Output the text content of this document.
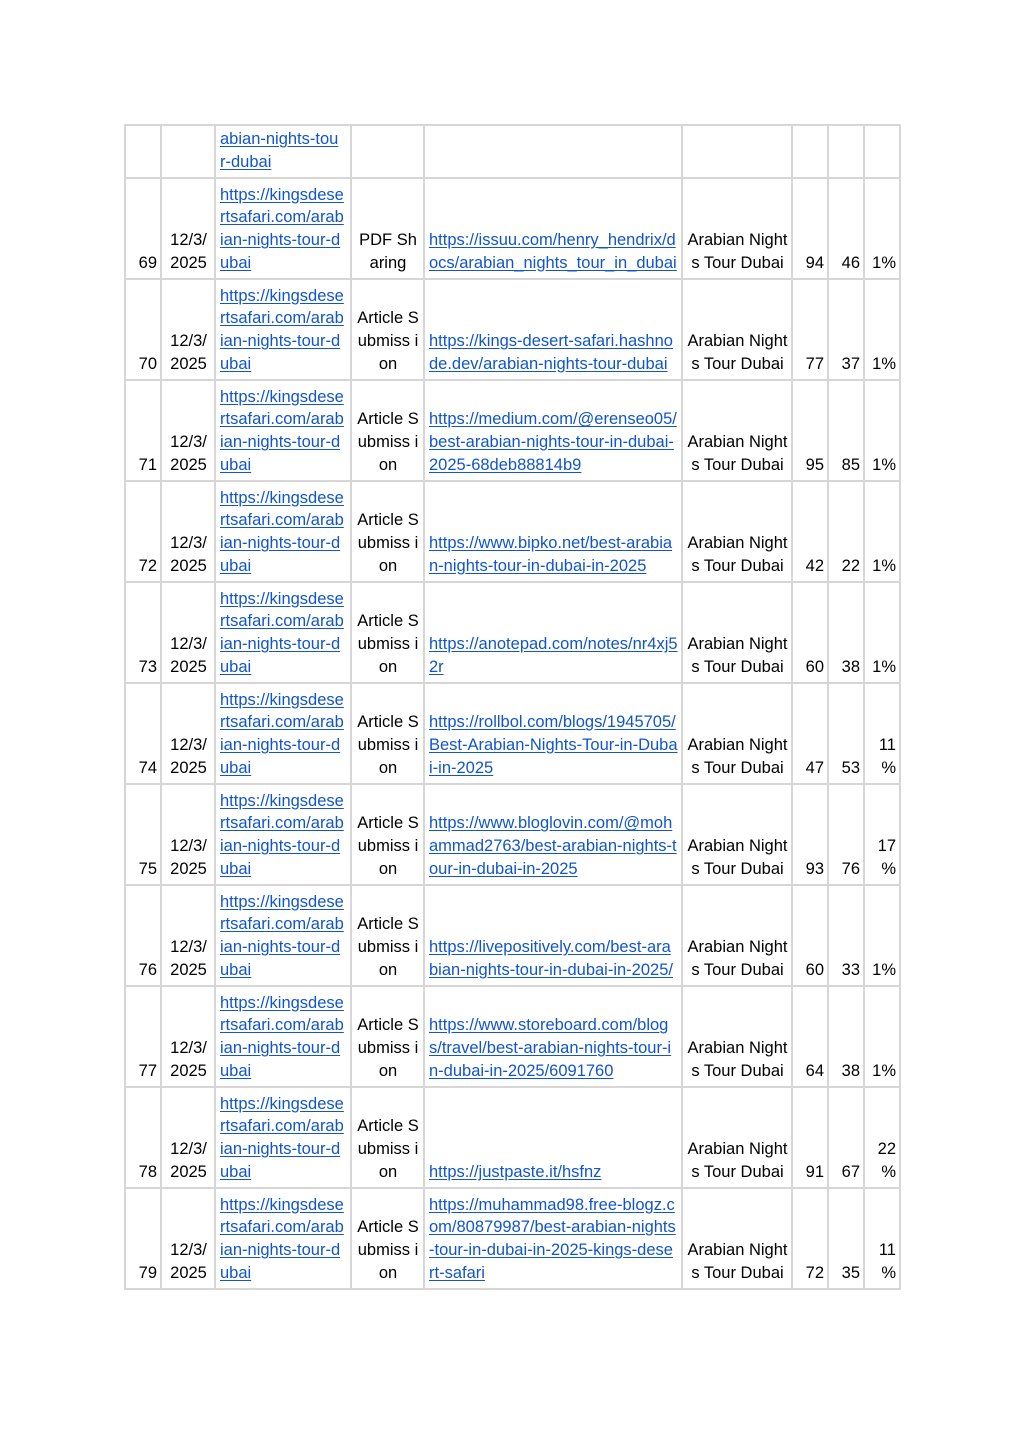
		abian-nights-tou r-dubai						
69	12/3/ 2025	https://kingsdesertsafari.com/arabian-nights-tour-dubai	PDF Sharing	https://issuu.com/henry_hendrix/docs/arabian_nights_tour_in_dubai	Arabian Nights Tour Dubai	94	46	1%
70	12/3/ 2025	https://kingsdesertsafari.com/arabian-nights-tour-dubai	Article Submiss ion	https://kings-desert-safari.hashnode.dev/arabian-nights-tour-dubai	Arabian Nights Tour Dubai	77	37	1%
71	12/3/ 2025	https://kingsdesertsafari.com/arabian-nights-tour-dubai	Article Submiss ion	https://medium.com/@erenseo05/best-arabian-nights-tour-in-dubai-2025-68deb88814b9	Arabian Nights Tour Dubai	95	85	1%
72	12/3/ 2025	https://kingsdesertsafari.com/arabian-nights-tour-dubai	Article Submiss ion	https://www.bipko.net/best-arabian-nights-tour-in-dubai-in-2025	Arabian Nights Tour Dubai	42	22	1%
73	12/3/ 2025	https://kingsdesertsafari.com/arabian-nights-tour-dubai	Article Submiss ion	https://anotepad.com/notes/nr4xj52r	Arabian Nights Tour Dubai	60	38	1%
74	12/3/ 2025	https://kingsdesertsafari.com/arabian-nights-tour-dubai	Article Submiss ion	https://rollbol.com/blogs/1945705/Best-Arabian-Nights-Tour-in-Dubai-in-2025	Arabian Nights Tour Dubai	47	53	11 %
75	12/3/ 2025	https://kingsdesertsafari.com/arabian-nights-tour-dubai	Article Submiss ion	https://www.bloglovin.com/@mohammad2763/best-arabian-nights-tour-in-dubai-in-2025	Arabian Nights Tour Dubai	93	76	17 %
76	12/3/ 2025	https://kingsdesertsafari.com/arabian-nights-tour-dubai	Article Submiss ion	https://livepositively.com/best-arabian-nights-tour-in-dubai-in-2025/	Arabian Nights Tour Dubai	60	33	1%
77	12/3/ 2025	https://kingsdesertsafari.com/arabian-nights-tour-dubai	Article Submiss ion	https://www.storeboard.com/blogs/travel/best-arabian-nights-tour-in-dubai-in-2025/6091760	Arabian Nights Tour Dubai	64	38	1%
78	12/3/ 2025	https://kingsdesertsafari.com/arabian-nights-tour-dubai	Article Submiss ion	https://justpaste.it/hsfnz	Arabian Nights Tour Dubai	91	67	22 %
79	12/3/ 2025	https://kingsdesertsafari.com/arabian-nights-tour-dubai	Article Submiss ion	https://muhammad98.free-blogz.com/80879987/best-arabian-nights-tour-in-dubai-in-2025-kings-desert-safari	Arabian Nights Tour Dubai	72	35	11 %
